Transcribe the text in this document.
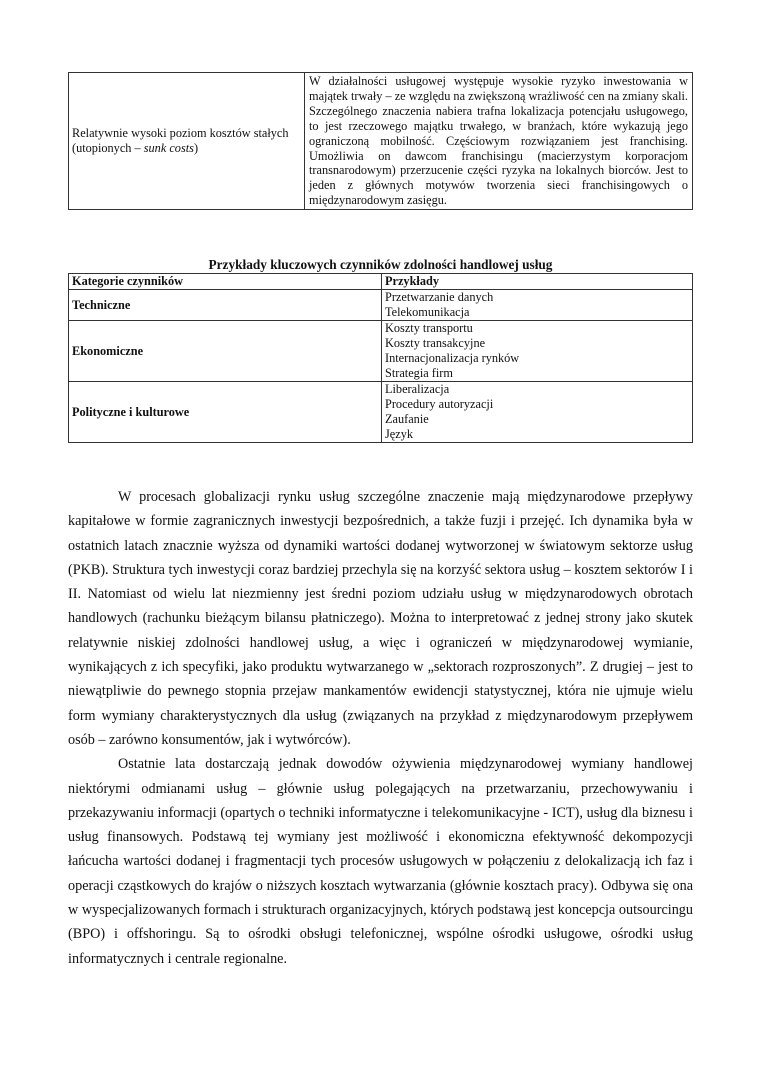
Relatywnie wysoki poziom kosztów stałych (utopionych – sunk costs)	W działalności usługowej występuje wysokie ryzyko inwestowania w majątek trwały – ze względu na zwiększoną wrażliwość cen na zmiany skali. Szczególnego znaczenia nabiera trafna lokalizacja potencjału usługowego, to jest rzeczowego majątku trwałego, w branżach, które wykazują jego ograniczoną mobilność. Częściowym rozwiązaniem jest franchising. Umożliwia on dawcom franchisingu (macierzystym korporacjom transnarodowym) przerzucenie części ryzyka na lokalnych biorców. Jest to jeden z głównych motywów tworzenia sieci franchisingowych o międzynarodowym zasięgu.
Przykłady kluczowych czynników zdolności handlowej usług
Kategorie czynników	Przykłady
Techniczne	Przetwarzanie danych
Telekomunikacja

Ekonomiczne	Koszty transportu
Koszty transakcyjne
Internacjonalizacja rynków
Strategia firm

Polityczne i kulturowe	Liberalizacja
Procedury autoryzacji
Zaufanie
Język

W procesach globalizacji rynku usług szczególne znaczenie mają międzynarodowe przepływy kapitałowe w formie zagranicznych inwestycji bezpośrednich, a także fuzji i przejęć. Ich dynamika była w ostatnich latach znacznie wyższa od dynamiki wartości dodanej wytworzonej w światowym sektorze usług (PKB). Struktura tych inwestycji coraz bardziej przechyla się na korzyść sektora usług – kosztem sektorów I i II. Natomiast od wielu lat niezmienny jest średni poziom udziału usług w międzynarodowych obrotach handlowych (rachunku bieżącym bilansu płatniczego). Można to interpretować z jednej strony jako skutek relatywnie niskiej zdolności handlowej usług, a więc i ograniczeń w międzynarodowej wymianie, wynikających z ich specyfiki, jako produktu wytwarzanego w „sektorach rozproszonych”. Z drugiej – jest to niewątpliwie do pewnego stopnia przejaw mankamentów ewidencji statystycznej, która nie ujmuje wielu form wymiany charakterystycznych dla usług (związanych na przykład z międzynarodowym przepływem osób – zarówno konsumentów, jak i wytwórców).

Ostatnie lata dostarczają jednak dowodów ożywienia międzynarodowej wymiany handlowej niektórymi odmianami usług – głównie usług polegających na przetwarzaniu, przechowywaniu i przekazywaniu informacji (opartych o techniki informatyczne i telekomunikacyjne - ICT), usług dla biznesu i usług finansowych. Podstawą tej wymiany jest możliwość i ekonomiczna efektywność dekompozycji łańcucha wartości dodanej i fragmentacji tych procesów usługowych w połączeniu z delokalizacją ich faz i operacji cząstkowych do krajów o niższych kosztach wytwarzania (głównie kosztach pracy). Odbywa się ona w wyspecjalizowanych formach i strukturach organizacyjnych, których podstawą jest koncepcja outsourcingu (BPO) i offshoringu. Są to ośrodki obsługi telefonicznej, wspólne ośrodki usługowe, ośrodki usług informatycznych i centrale regionalne.
